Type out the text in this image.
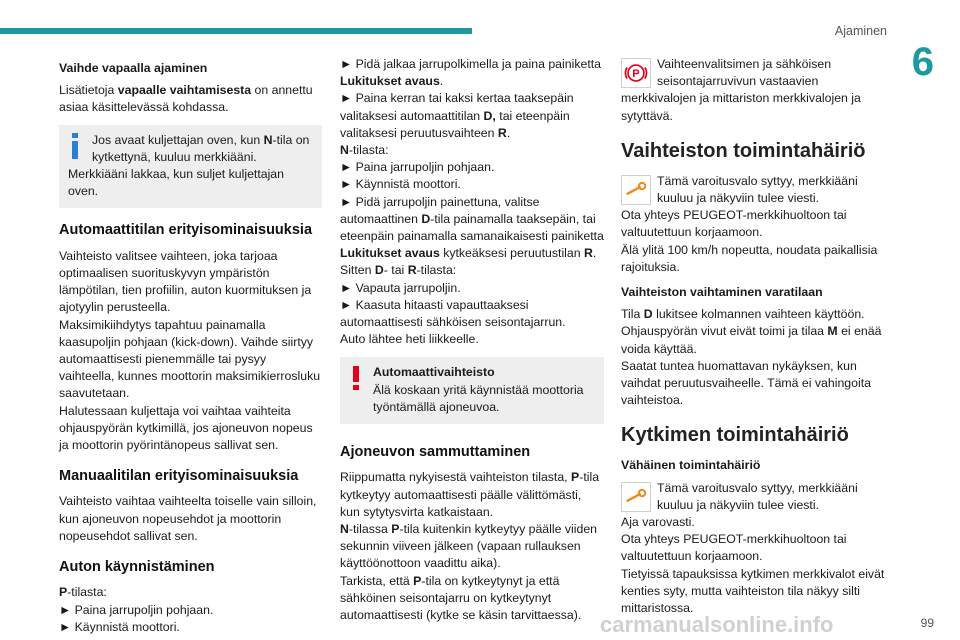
Ajaminen
6
Vaihde vapaalla ajaminen

Lisätietoja vapaalle vaihtamisesta on annettu asiaa käsittelevässä kohdassa.

Jos avaat kuljettajan oven, kun N-tila on kytkettynä, kuuluu merkkiääni.
Merkkiääni lakkaa, kun suljet kuljettajan oven.
Automaattitilan erityisominaisuuksia

Vaihteisto valitsee vaihteen, joka tarjoaa optimaalisen suorituskyvyn ympäristön lämpötilan, tien profiilin, auton kuormituksen ja ajotyylin perusteella.

Maksimikiihdytys tapahtuu painamalla kaasupoljin pohjaan (kick-down). Vaihde siirtyy automaattisesti pienemmälle tai pysyy vaihteella, kunnes moottorin maksimikierrosluku saavutetaan.

Halutessaan kuljettaja voi vaihtaa vaihteita ohjauspyörän kytkimillä, jos ajoneuvon nopeus ja moottorin pyörintänopeus sallivat sen.

Manuaalitilan erityisominaisuuksia

Vaihteisto vaihtaa vaihteelta toiselle vain silloin, kun ajoneuvon nopeusehdot ja moottorin nopeusehdot sallivat sen.

Auton käynnistäminen
P-tilasta:
► Paina jarrupoljin pohjaan.
► Käynnistä moottori.
► Pidä jalkaa jarrupolkimella ja paina painiketta Lukitukset avaus.
► Paina kerran tai kaksi kertaa taaksepäin valitaksesi automaattitilan D, tai eteenpäin valitaksesi peruutusvaihteen R.
N-tilasta:
► Paina jarrupoljin pohjaan.
► Käynnistä moottori.
► Pidä jarrupoljin painettuna, valitse automaattinen D-tila painamalla taaksepäin, tai eteenpäin painamalla samanaikaisesti painiketta Lukitukset avaus kytkeäksesi peruutustilan R.
Sitten D- tai R-tilasta:
► Vapauta jarrupoljin.
► Kaasuta hitaasti vapauttaaksesi automaattisesti sähköisen seisontajarrun.
Auto lähtee heti liikkeelle.
Automaattivaihteisto
Älä koskaan yritä käynnistää moottoria työntämällä ajoneuvoa.
Ajoneuvon sammuttaminen
Riippumatta nykyisestä vaihteiston tilasta, P-tila kytkeytyy automaattisesti päälle välittömästi, kun sytytysvirta katkaistaan.
N-tilassa P-tila kuitenkin kytkeytyy päälle viiden sekunnin viiveen jälkeen (vapaan rullauksen käyttöönottoon vaadittu aika).
Tarkista, että P-tila on kytkeytynyt ja että sähköinen seisontajarru on kytkeytynyt automaattisesti (kytke se käsin tarvittaessa).
P
Vaihteenvalitsimen ja sähköisen seisontajarruvivun vastaavien merkkivalojen ja mittariston merkkivalojen ja sytyttävä.
Vaihteiston toimintahäiriö
Tämä varoitusvalo syttyy, merkkiääni kuuluu ja näkyviin tulee viesti.
Ota yhteys PEUGEOT-merkkihuoltoon tai valtuutettuun korjaamoon.

Älä ylitä 100 km/h nopeutta, noudata paikallisia rajoituksia.

Vaihteiston vaihtaminen varatilaan
Tila D lukitsee kolmannen vaihteen käyttöön.
Ohjauspyörän vivut eivät toimi ja tilaa M ei enää voida käyttää.

Saatat tuntea huomattavan nykäyksen, kun vaihdat peruutusvaiheelle. Tämä ei vahingoita vaihteistoa.

Kytkimen toimintahäiriö
Vähäinen toimintahäiriö
Tämä varoitusvalo syttyy, merkkiääni kuuluu ja näkyviin tulee viesti.
Aja varovasti.
Ota yhteys PEUGEOT-merkkihuoltoon tai valtuutettuun korjaamoon.
Tietyissä tapauksissa kytkimen merkkivalot eivät kenties syty, mutta vaihteiston tila näkyy silti mittaristossa.
99
carmanualsonline.info
